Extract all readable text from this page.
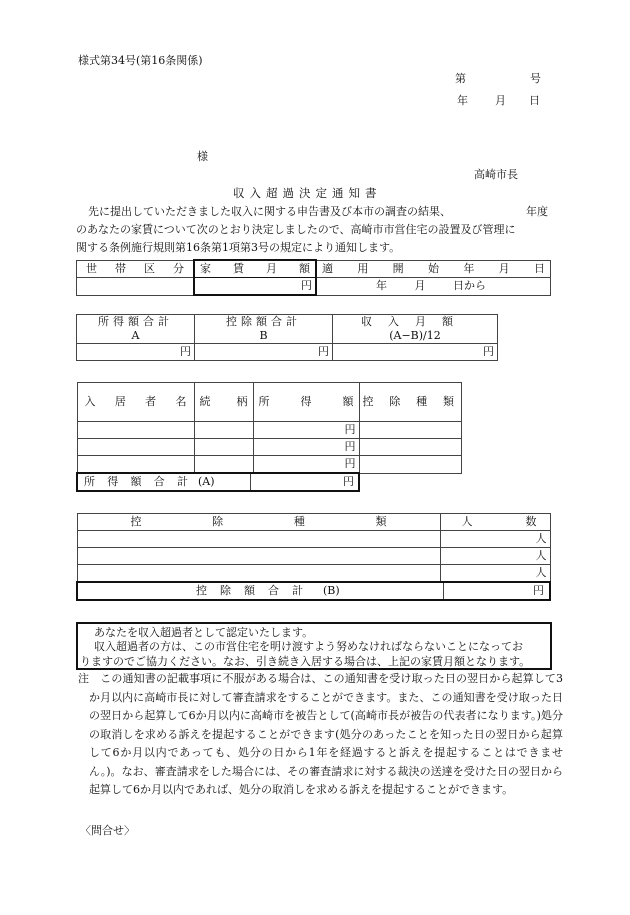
様式第34号(第16条関係)
第	号
年 月 日
様
高崎市長
収入超過決定通知書
先に提出していただきました収入に関する申告書及び本市の調査の結果、	年度
のあなたの家賃について次のとおり決定しましたので、高崎市市営住宅の設置及び管理に
関する条例施行規則第16条第1項第3号の規定により通知します。
世帯区分	家賃月額	適用開始年月日

	円	年 月 日から
所得額合計	控除額合計	収入月額

A	B	(A−B)/12
円	円	円
入居者名	続柄	所得額	控除種類

		円	
		円	
		円	

所得額合計 (A) 円			

控除種類	人数

	人
	人
	人

控除額合計 (B) 円	
あなたを収入超過者として認定いたします。
収入超過者の方は、この市営住宅を明け渡すよう努めなければならないことになってお
りますのでご協力ください。なお、引き続き入居する場合は、上記の家賃月額となります。
注　この通知書の記載事項に不服がある場合は、この通知書を受け取った日の翌日から起算して3か月以内に高崎市長に対して審査請求をすることができます。また、この通知書を受け取った日の翌日から起算して6か月以内に高崎市を被告として(高崎市長が被告の代表者になります。)処分の取消しを求める訴えを提起することができます(処分のあったことを知った日の翌日から起算して6か月以内であっても、処分の日から1年を経過すると訴えを提起することはできません。)。なお、審査請求をした場合には、その審査請求に対する裁決の送達を受けた日の翌日から起算して6か月以内であれば、処分の取消しを求める訴えを提起することができます。
〈問合せ〉
